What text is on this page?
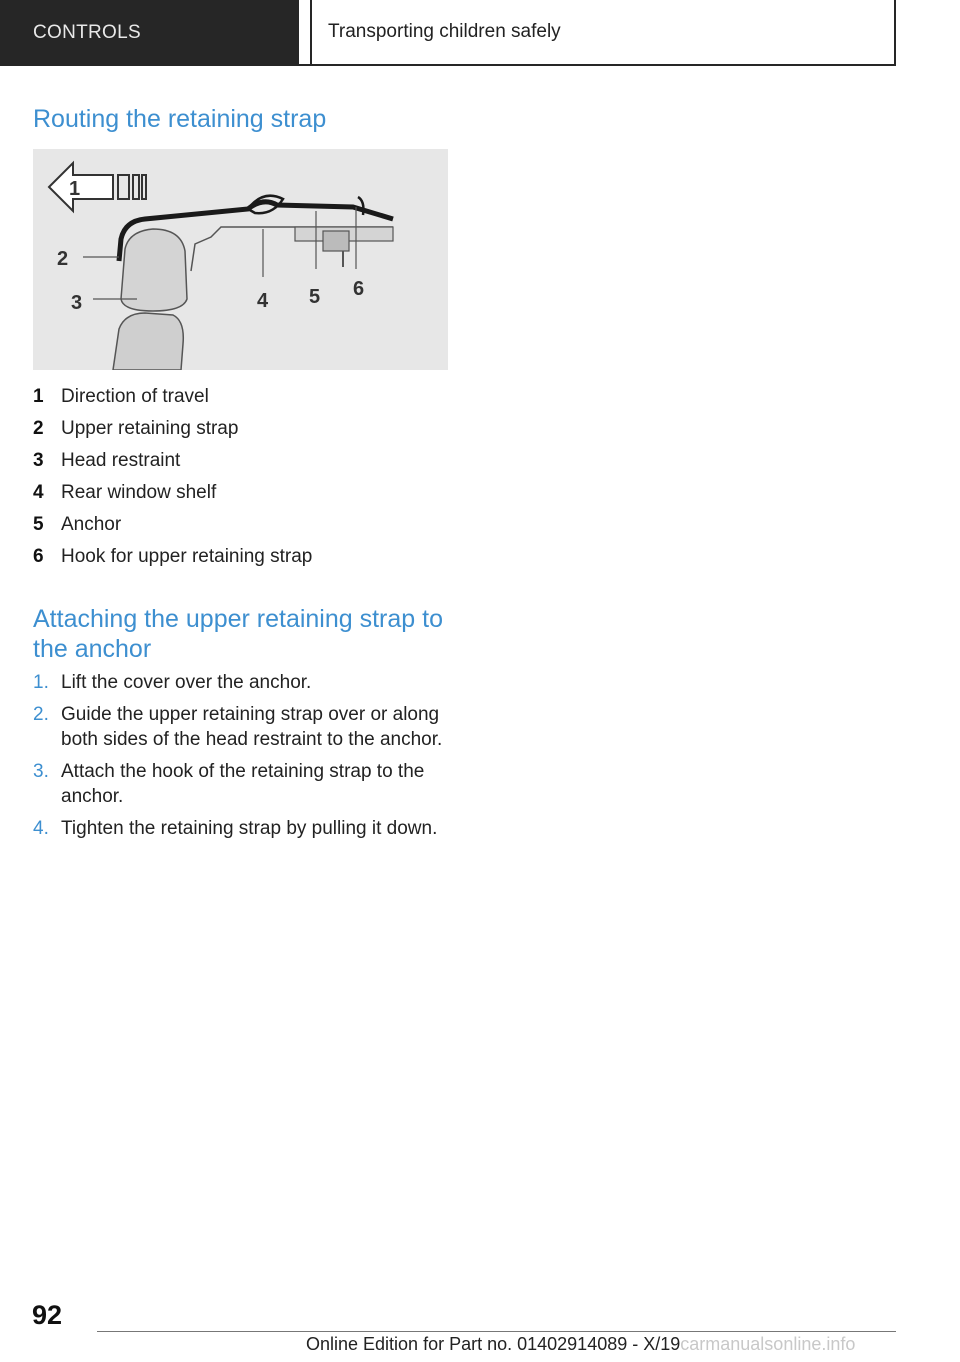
CONTROLS	Transporting children safely
Routing the retaining strap
1
2
3	4 5 6
1 Direction of travel
2 Upper retaining strap
3 Head restraint
4 Rear window shelf
5 Anchor
6 Hook for upper retaining strap
Attaching the upper retaining strap to
the anchor
1. Lift the cover over the anchor.
2. Guide the upper retaining strap over or along both sides of the head restraint to the anchor.
3. Attach the hook of the retaining strap to the anchor.
4. Tighten the retaining strap by pulling it down.
92
Online Edition for Part no. 01402914089 - X/19carmanualsonline.info
